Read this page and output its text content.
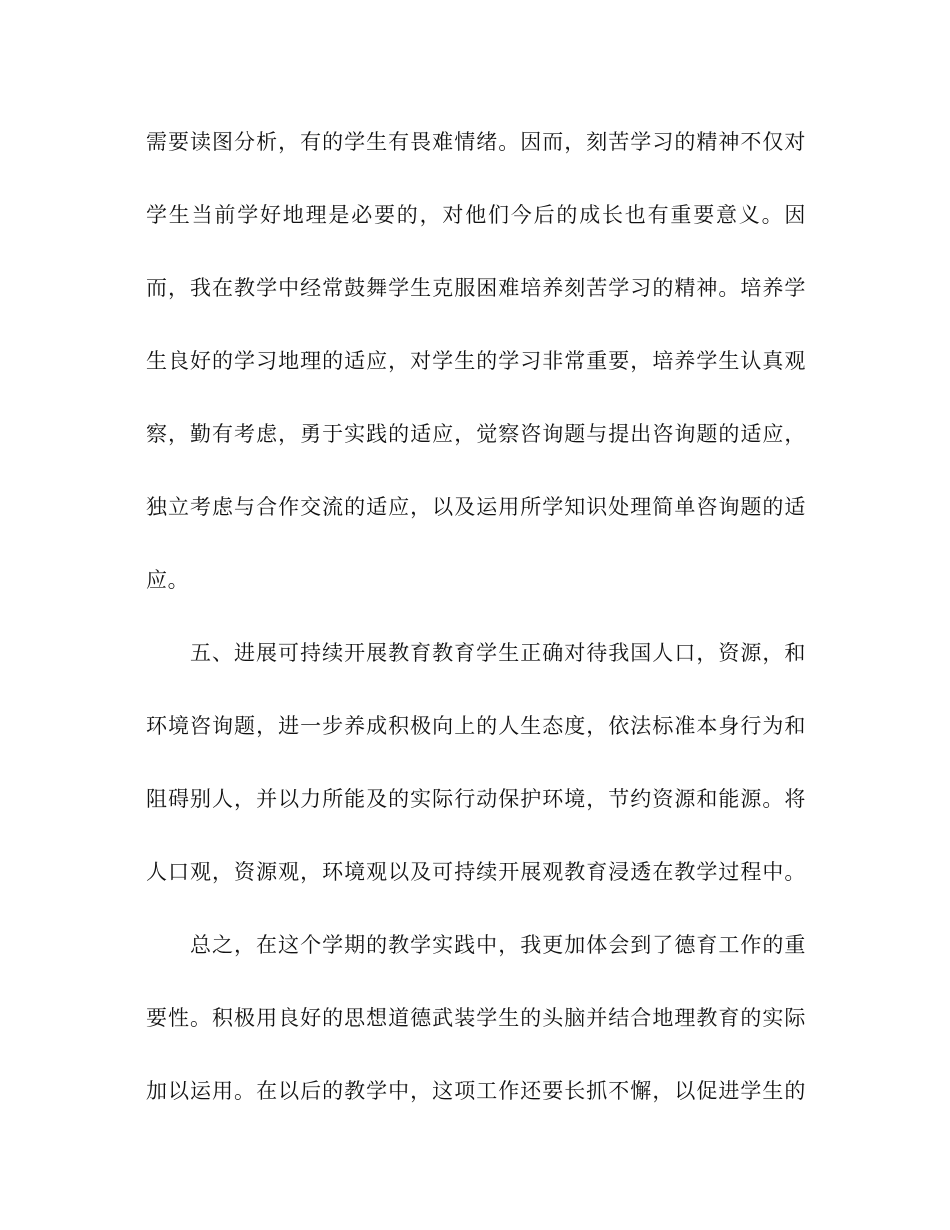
需要读图分析，有的学生有畏难情绪。因而，刻苦学习的精神不仅对
学生当前学好地理是必要的，对他们今后的成长也有重要意义。因
而，我在教学中经常鼓舞学生克服困难培养刻苦学习的精神。培养学
生良好的学习地理的适应，对学生的学习非常重要，培养学生认真观
察，勤有考虑，勇于实践的适应，觉察咨询题与提出咨询题的适应，
独立考虑与合作交流的适应，以及运用所学知识处理简单咨询题的适
应。
五、进展可持续开展教育教育学生正确对待我国人口，资源，和
环境咨询题，进一步养成积极向上的人生态度，依法标准本身行为和
阻碍别人，并以力所能及的实际行动保护环境，节约资源和能源。将
人口观，资源观，环境观以及可持续开展观教育浸透在教学过程中。
总之，在这个学期的教学实践中，我更加体会到了德育工作的重
要性。积极用良好的思想道德武装学生的头脑并结合地理教育的实际
加以运用。在以后的教学中，这项工作还要长抓不懈，以促进学生的
